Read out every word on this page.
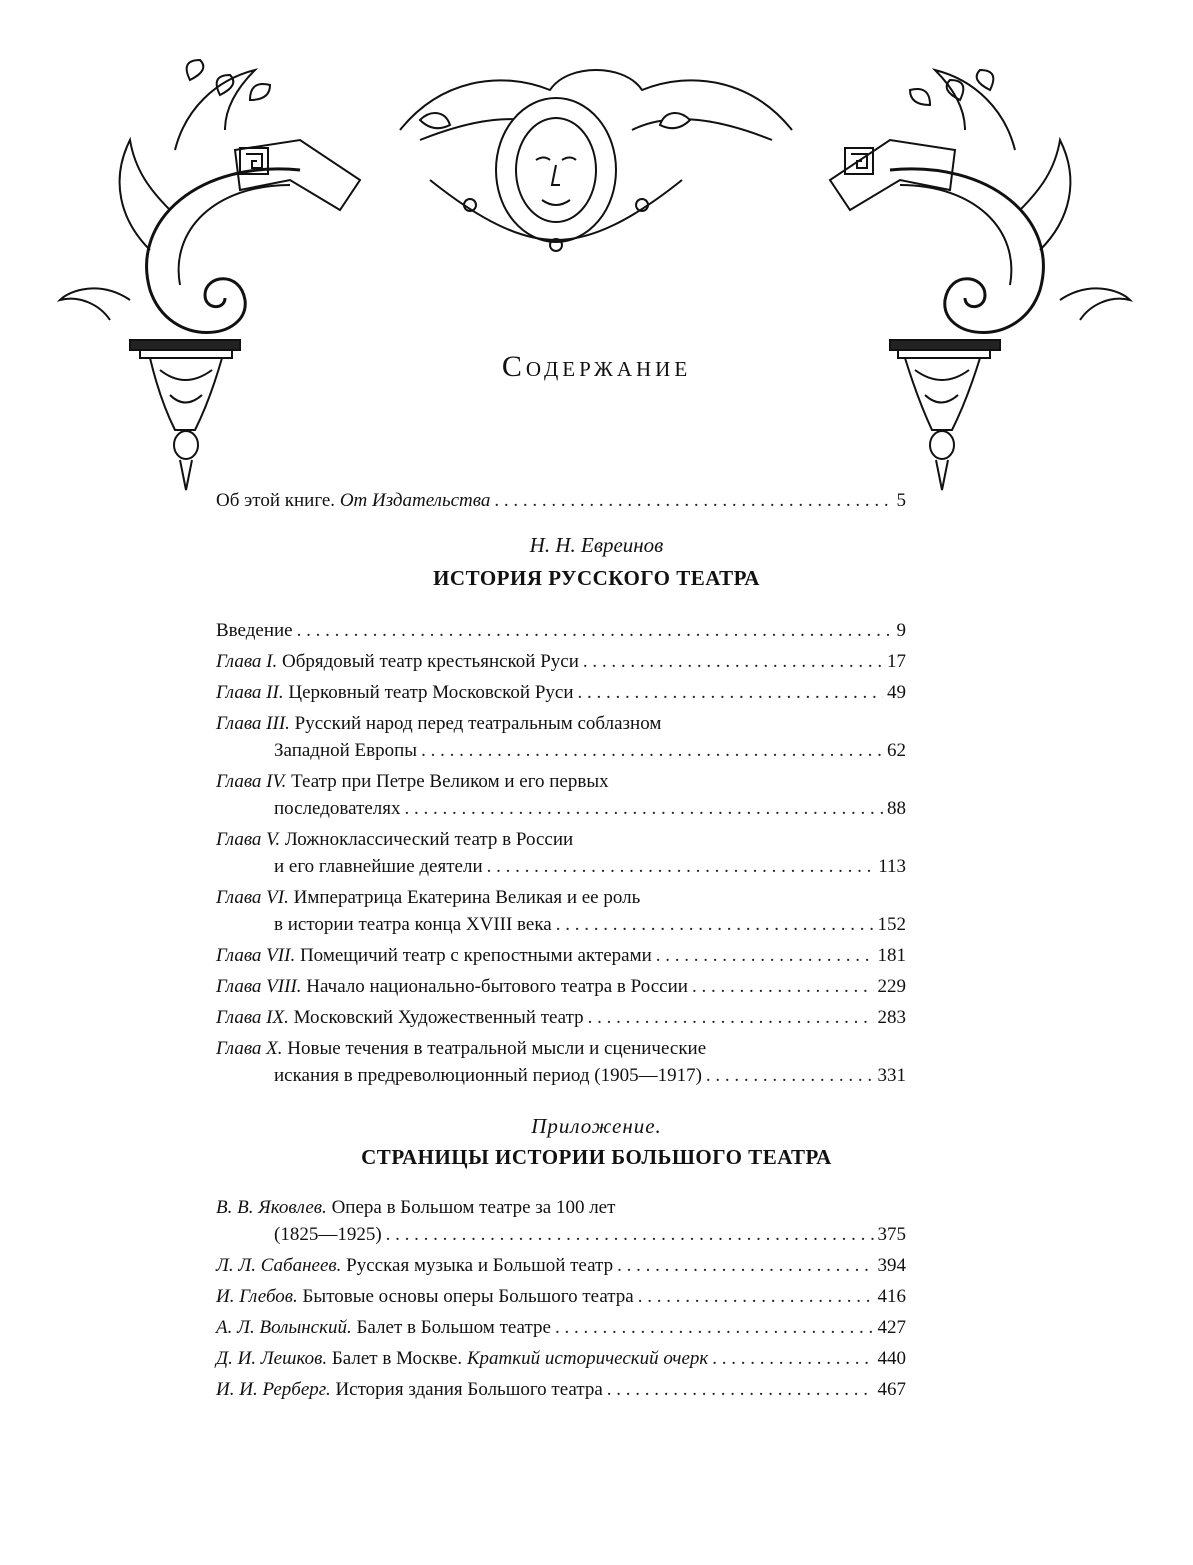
Содержание
Об этой книге. От Издательства . . .	5
Н. Н. Евреинов
ИСТОРИЯ РУССКОГО ТЕАТРА
Введение . . .	9
Глава I. Обрядовый театр крестьянской Руси . . .	17
Глава II. Церковный театр Московской Руси . . .	49
Глава III. Русский народ перед театральным соблазном
Западной Европы . . .	62
Глава IV. Театр при Петре Великом и его первых
последователях . . .	88
Глава V. Ложноклассический театр в России
и его главнейшие деятели . . .	113
Глава VI. Императрица Екатерина Великая и ее роль
в истории театра конца XVIII века . . .	152
Глава VII. Помещичий театр с крепостными актерами . . .	181
Глава VIII. Начало национально-бытового театра в России . . .	229
Глава IX. Московский Художественный театр . . .	283
Глава X. Новые течения в театральной мысли и сценические
искания в предреволюционный период (1905—1917) . . .	331
Приложение.
СТРАНИЦЫ ИСТОРИИ БОЛЬШОГО ТЕАТРА
В. В. Яковлев. Опера в Большом театре за 100 лет
(1825—1925) . . .	375
Л. Л. Сабанеев. Русская музыка и Большой театр . . .	394
И. Глебов. Бытовые основы оперы Большого театра . . .	416
А. Л. Волынский. Балет в Большом театре . . .	427
Д. И. Лешков. Балет в Москве. Краткий исторический очерк . . .	440
И. И. Рерберг. История здания Большого театра . . .	467
